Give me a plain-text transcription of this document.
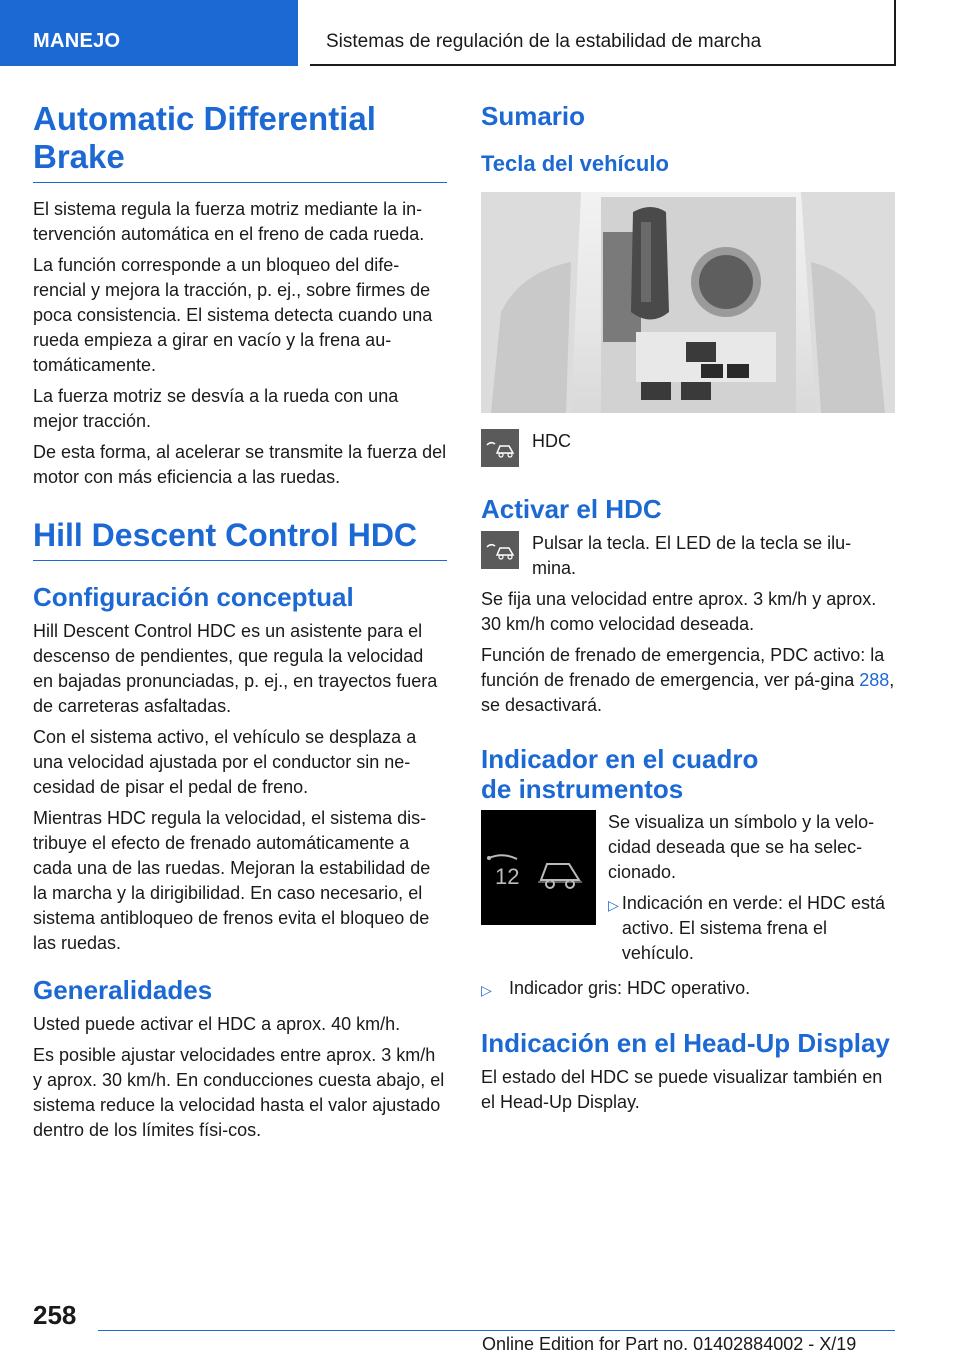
MANEJO	Sistemas de regulación de la estabilidad de marcha
Automatic Differential Brake

El sistema regula la fuerza motriz mediante la in-tervención automática en el freno de cada rueda.

La función corresponde a un bloqueo del dife-rencial y mejora la tracción, p. ej., sobre firmes de poca consistencia. El sistema detecta cuando una rueda empieza a girar en vacío y la frena au-tomáticamente.

La fuerza motriz se desvía a la rueda con una mejor tracción.

De esta forma, al acelerar se transmite la fuerza del motor con más eficiencia a las ruedas.

Hill Descent Control HDC
Configuración conceptual

Hill Descent Control HDC es un asistente para el descenso de pendientes, que regula la velocidad en bajadas pronunciadas, p. ej., en trayectos fuera de carreteras asfaltadas.

Con el sistema activo, el vehículo se desplaza a una velocidad ajustada por el conductor sin ne-cesidad de pisar el pedal de freno.

Mientras HDC regula la velocidad, el sistema dis-tribuye el efecto de frenado automáticamente a cada una de las ruedas. Mejoran la estabilidad de la marcha y la dirigibilidad. En caso necesario, el sistema antibloqueo de frenos evita el bloqueo de las ruedas.

Generalidades

Usted puede activar el HDC a aprox. 40 km/h.

Es posible ajustar velocidades entre aprox. 3 km/h y aprox. 30 km/h. En conducciones cuesta abajo, el sistema reduce la velocidad hasta el valor ajustado dentro de los límites físi-cos.

Sumario
Tecla del vehículo
HDC
Activar el HDC

Pulsar la tecla. El LED de la tecla se ilu-mina.

Se fija una velocidad entre aprox. 3 km/h y aprox. 30 km/h como velocidad deseada.

Función de frenado de emergencia, PDC activo: la función de frenado de emergencia, ver pá-gina 288, se desactivará.

Indicador en el cuadro
de instrumentos
12

Se visualiza un símbolo y la velo-cidad deseada que se ha selec-cionado.

▷ Indicación en verde: el HDC está activo. El sistema frena el vehículo.
▷ Indicador gris: HDC operativo.
Indicación en el Head-Up Display

El estado del HDC se puede visualizar también en el Head-Up Display.

258
Online Edition for Part no. 01402884002 - X/19
